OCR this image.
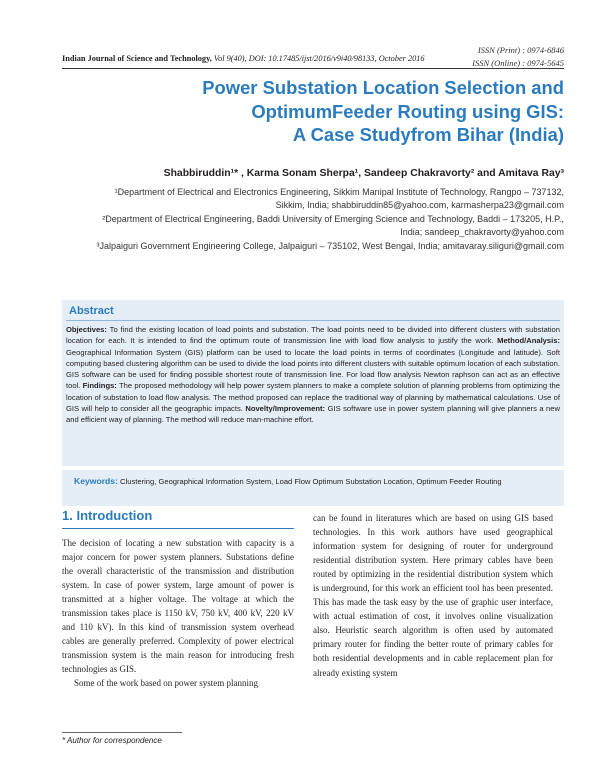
ISSN (Print) : 0974-6846
ISSN (Online) : 0974-5645
Indian Journal of Science and Technology, Vol 9(40), DOI: 10.17485/ijst/2016/v9i40/98133, October 2016
Power Substation Location Selection and
OptimumFeeder Routing using GIS:
A Case Studyfrom Bihar (India)
Shabbiruddin¹* , Karma Sonam Sherpa¹, Sandeep Chakravorty² and Amitava Ray³
¹Department of Electrical and Electronics Engineering, Sikkim Manipal Institute of Technology, Rangpo – 737132, Sikkim, India; shabbiruddin85@yahoo.com, karmasherpa23@gmail.com
²Department of Electrical Engineering, Baddi University of Emerging Science and Technology, Baddi – 173205, H.P., India; sandeep_chakravorty@yahoo.com
³Jalpaiguri Government Engineering College, Jalpaiguri – 735102, West Bengal, India; amitavaray.siliguri@gmail.com
Abstract

Objectives: To find the existing location of load points and substation. The load points need to be divided into different clusters with substation location for each. It is intended to find the optimum route of transmission line with load flow analysis to justify the work. Method/Analysis: Geographical Information System (GIS) platform can be used to locate the load points in terms of coordinates (Longitude and latitude). Soft computing based clustering algorithm can be used to divide the load points into different clusters with suitable optimum location of each substation. GIS software can be used for finding possible shortest route of transmission line. For load flow analysis Newton raphson can act as an effective tool. Findings: The proposed methodology will help power system planners to make a complete solution of planning problems from optimizing the location of substation to load flow analysis. The method proposed can replace the traditional way of planning by mathematical calculations. Use of GIS will help to consider all the geographic impacts. Novelty/Improvement: GIS software use in power system planning will give planners a new and efficient way of planning. The method will reduce man-machine effort.

Keywords: Clustering, Geographical Information System, Load Flow Optimum Substation Location, Optimum Feeder Routing

1. Introduction

The decision of locating a new substation with capacity is a major concern for power system planners. Substations define the overall characteristic of the transmission and distribution system. In case of power system, large amount of power is transmitted at a higher voltage. The voltage at which the transmission takes place is 1150 kV, 750 kV, 400 kV, 220 kV and 110 kV). In this kind of transmission system overhead cables are generally preferred. Complexity of power electrical transmission system is the main reason for introducing fresh technologies as GIS.

Some of the work based on power system planning

can be found in literatures which are based on using GIS based technologies. In this work authors have used geographical information system for designing of router for underground residential distribution system. Here primary cables have been routed by optimizing in the residential distribution system which is underground, for this work an efficient tool has been presented. This has made the task easy by the use of graphic user interface, with actual estimation of cost, it involves online visualization also. Heuristic search algorithm is often used by automated primary router for finding the better route of primary cables for both residential developments and in cable replacement plan for already existing system

* Author for correspondence
